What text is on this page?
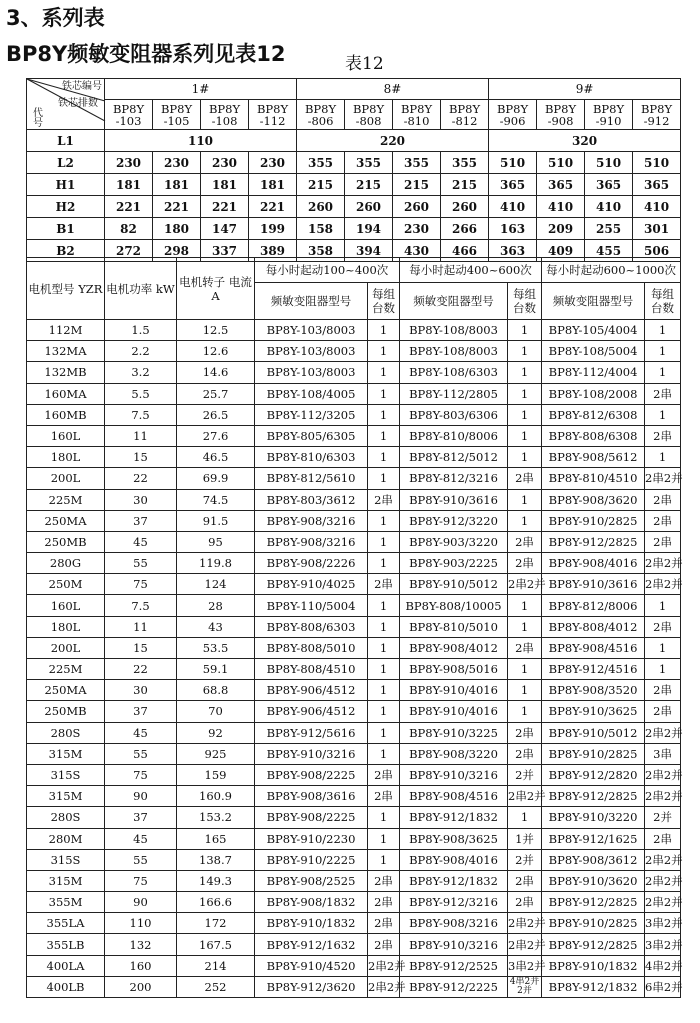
3、系列表
BP8Y频敏变阻器系列见表12	表12
铁芯编号
铁芯排数
代号	1#				8#				9#			
	BP8Y -103	BP8Y -105	BP8Y -108	BP8Y -112	BP8Y -806	BP8Y -808	BP8Y -810	BP8Y -812	BP8Y -906	BP8Y -908	BP8Y -910	BP8Y -912
L1	110				220				320			
L2	230	230	230	230	355	355	355	355	510	510	510	510
H1	181	181	181	181	215	215	215	215	365	365	365	365
H2	221	221	221	221	260	260	260	260	410	410	410	410
B1	82	180	147	199	158	194	230	266	163	209	255	301
B2	272	298	337	389	358	394	430	466	363	409	455	506
电机型号 YZR	电机功率 kW	电机转子 电流 A	每小时起动100~400次		每小时起动400~600次		每小时起动600~1000次	
			频敏变阻器型号	每组 台数	频敏变阻器型号	每组 台数	频敏变阻器型号	每组 台数
112M	1.5	12.5	BP8Y-103/8003	1	BP8Y-108/8003	1	BP8Y-105/4004	1
132MA	2.2	12.6	BP8Y-103/8003	1	BP8Y-108/8003	1	BP8Y-108/5004	1
132MB	3.2	14.6	BP8Y-103/8003	1	BP8Y-108/6303	1	BP8Y-112/4004	1
160MA	5.5	25.7	BP8Y-108/4005	1	BP8Y-112/2805	1	BP8Y-108/2008	2串
160MB	7.5	26.5	BP8Y-112/3205	1	BP8Y-803/6306	1	BP8Y-812/6308	1
160L	11	27.6	BP8Y-805/6305	1	BP8Y-810/8006	1	BP8Y-808/6308	2串
180L	15	46.5	BP8Y-810/6303	1	BP8Y-812/5012	1	BP8Y-908/5612	1
200L	22	69.9	BP8Y-812/5610	1	BP8Y-812/3216	2串	BP8Y-810/4510	2串2并
225M	30	74.5	BP8Y-803/3612	2串	BP8Y-910/3616	1	BP8Y-908/3620	2串
250MA	37	91.5	BP8Y-908/3216	1	BP8Y-912/3220	1	BP8Y-910/2825	2串
250MB	45	95	BP8Y-908/3216	1	BP8Y-903/3220	2串	BP8Y-912/2825	2串
280G	55	119.8	BP8Y-908/2226	1	BP8Y-903/2225	2串	BP8Y-908/4016	2串2并
250M	75	124	BP8Y-910/4025	2串	BP8Y-910/5012	2串2并	BP8Y-910/3616	2串2并
160L	7.5	28	BP8Y-110/5004	1	BP8Y-808/10005	1	BP8Y-812/8006	1
180L	11	43	BP8Y-808/6303	1	BP8Y-810/5010	1	BP8Y-808/4012	2串
200L	15	53.5	BP8Y-808/5010	1	BP8Y-908/4012	2串	BP8Y-908/4516	1
225M	22	59.1	BP8Y-808/4510	1	BP8Y-908/5016	1	BP8Y-912/4516	1
250MA	30	68.8	BP8Y-906/4512	1	BP8Y-910/4016	1	BP8Y-908/3520	2串
250MB	37	70	BP8Y-906/4512	1	BP8Y-910/4016	1	BP8Y-910/3625	2串
280S	45	92	BP8Y-912/5616	1	BP8Y-910/3225	2串	BP8Y-910/5012	2串2并
315M	55	925	BP8Y-910/3216	1	BP8Y-908/3220	2串	BP8Y-910/2825	3串
315S	75	159	BP8Y-908/2225	2串	BP8Y-910/3216	2并	BP8Y-912/2820	2串2并
315M	90	160.9	BP8Y-908/3616	2串	BP8Y-908/4516	2串2并	BP8Y-912/2825	2串2并
280S	37	153.2	BP8Y-908/2225	1	BP8Y-912/1832	1	BP8Y-910/3220	2并
280M	45	165	BP8Y-910/2230	1	BP8Y-908/3625	1并	BP8Y-912/1625	2串
315S	55	138.7	BP8Y-910/2225	1	BP8Y-908/4016	2并	BP8Y-908/3612	2串2并
315M	75	149.3	BP8Y-908/2525	2串	BP8Y-912/1832	2串	BP8Y-910/3620	2串2并
355M	90	166.6	BP8Y-908/1832	2串	BP8Y-912/3216	2串	BP8Y-912/2825	2串2并
355LA	110	172	BP8Y-910/1832	2串	BP8Y-908/3216	2串2并	BP8Y-910/2825	3串2并
355LB	132	167.5	BP8Y-912/1632	2串	BP8Y-910/3216	2串2并	BP8Y-912/2825	3串2并
400LA	160	214	BP8Y-910/4520	2串2并	BP8Y-912/2525	3串2并	BP8Y-910/1832	4串2并
400LB	200	252	BP8Y-912/3620	2串2并	BP8Y-912/2225	4串2并 2并	BP8Y-912/1832	6串2并
